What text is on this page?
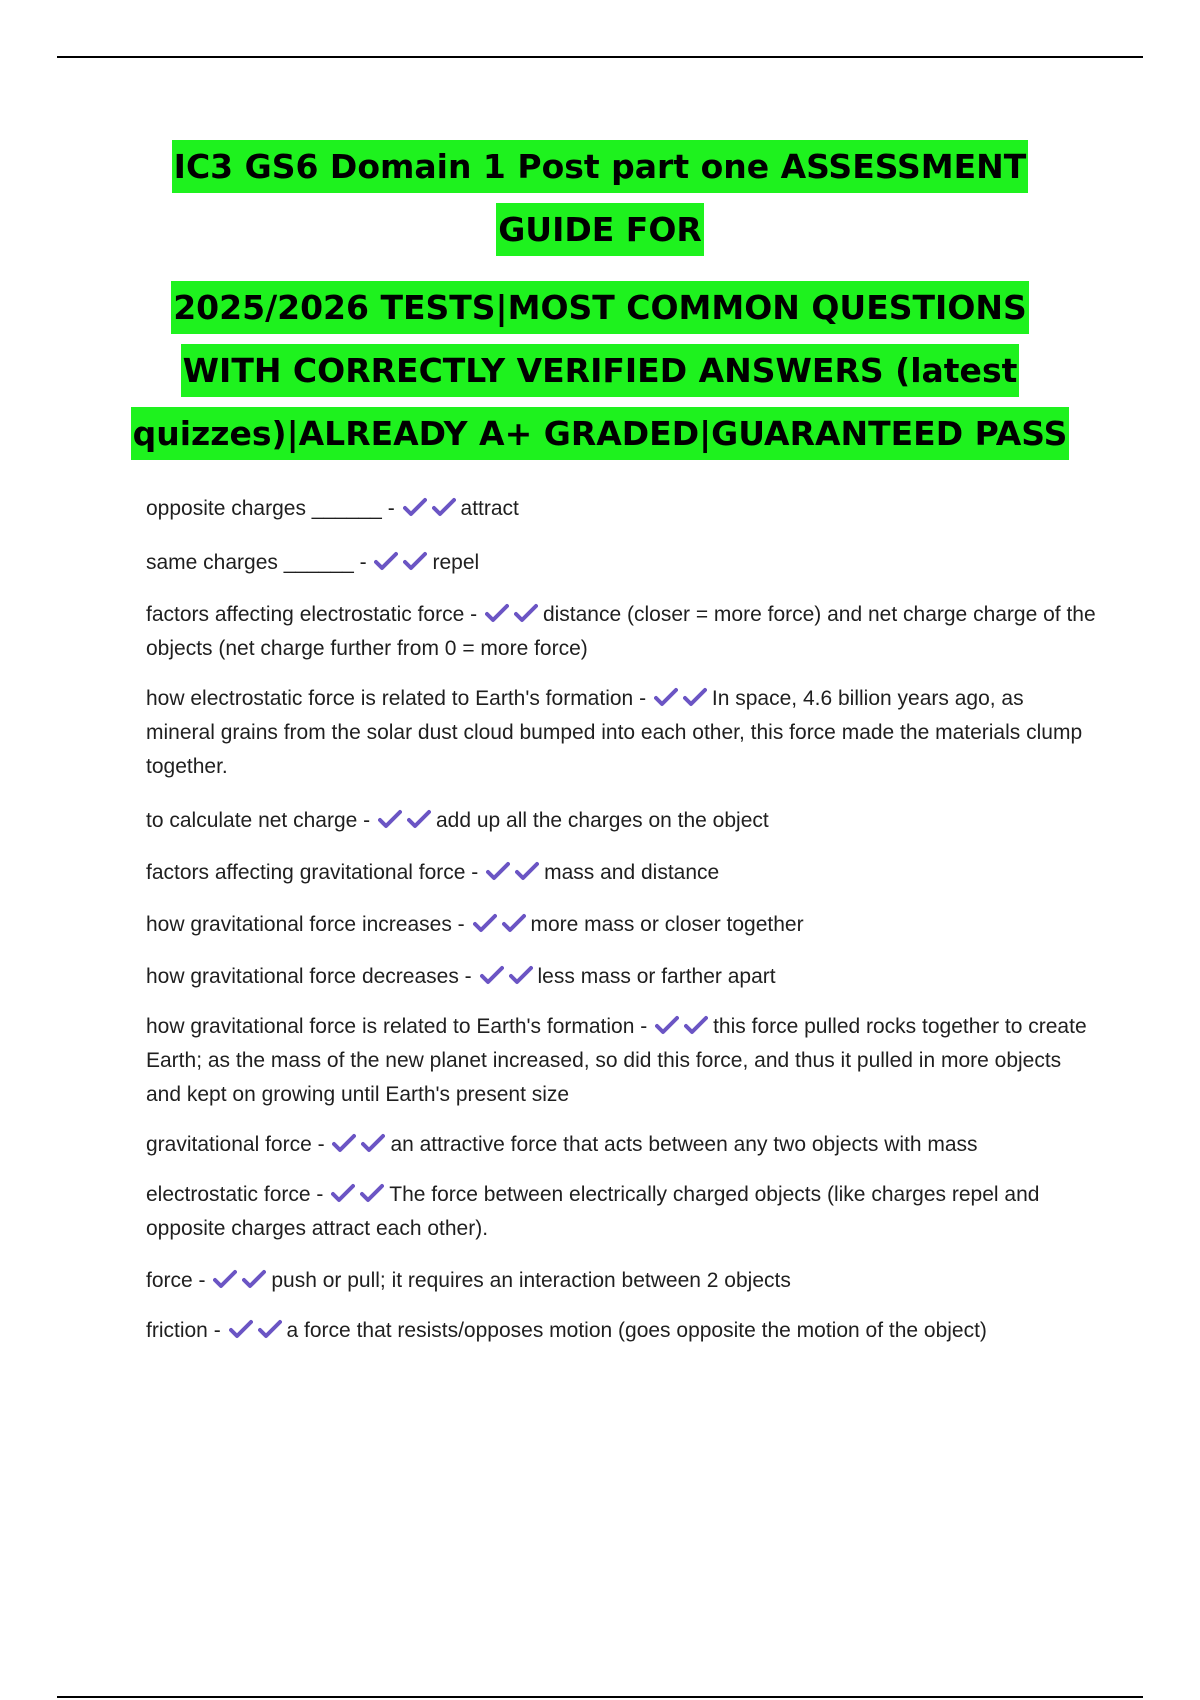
IC3 GS6 Domain 1 Post part one ASSESSMENT
GUIDE FOR
2025/2026 TESTS|MOST COMMON QUESTIONS
WITH CORRECTLY VERIFIED ANSWERS (latest
quizzes)|ALREADY A+ GRADED|GUARANTEED PASS

opposite charges ______ -	attract

same charges ______ -	repel

factors affecting electrostatic force -	distance (closer = more force) and net charge charge of the objects (net charge further from 0 = more force)

how electrostatic force is related to Earth's formation -	In space, 4.6 billion years ago, as mineral grains from the solar dust cloud bumped into each other, this force made the materials clump together.

to calculate net charge -	add up all the charges on the object

factors affecting gravitational force -	mass and distance

how gravitational force increases -	more mass or closer together

how gravitational force decreases -	less mass or farther apart

how gravitational force is related to Earth's formation -	this force pulled rocks together to create Earth; as the mass of the new planet increased, so did this force, and thus it pulled in more objects and kept on growing until Earth's present size

gravitational force -	an attractive force that acts between any two objects with mass

electrostatic force -	The force between electrically charged objects (like charges repel and opposite charges attract each other).

force -	push or pull; it requires an interaction between 2 objects

friction -	a force that resists/opposes motion (goes opposite the motion of the object)
